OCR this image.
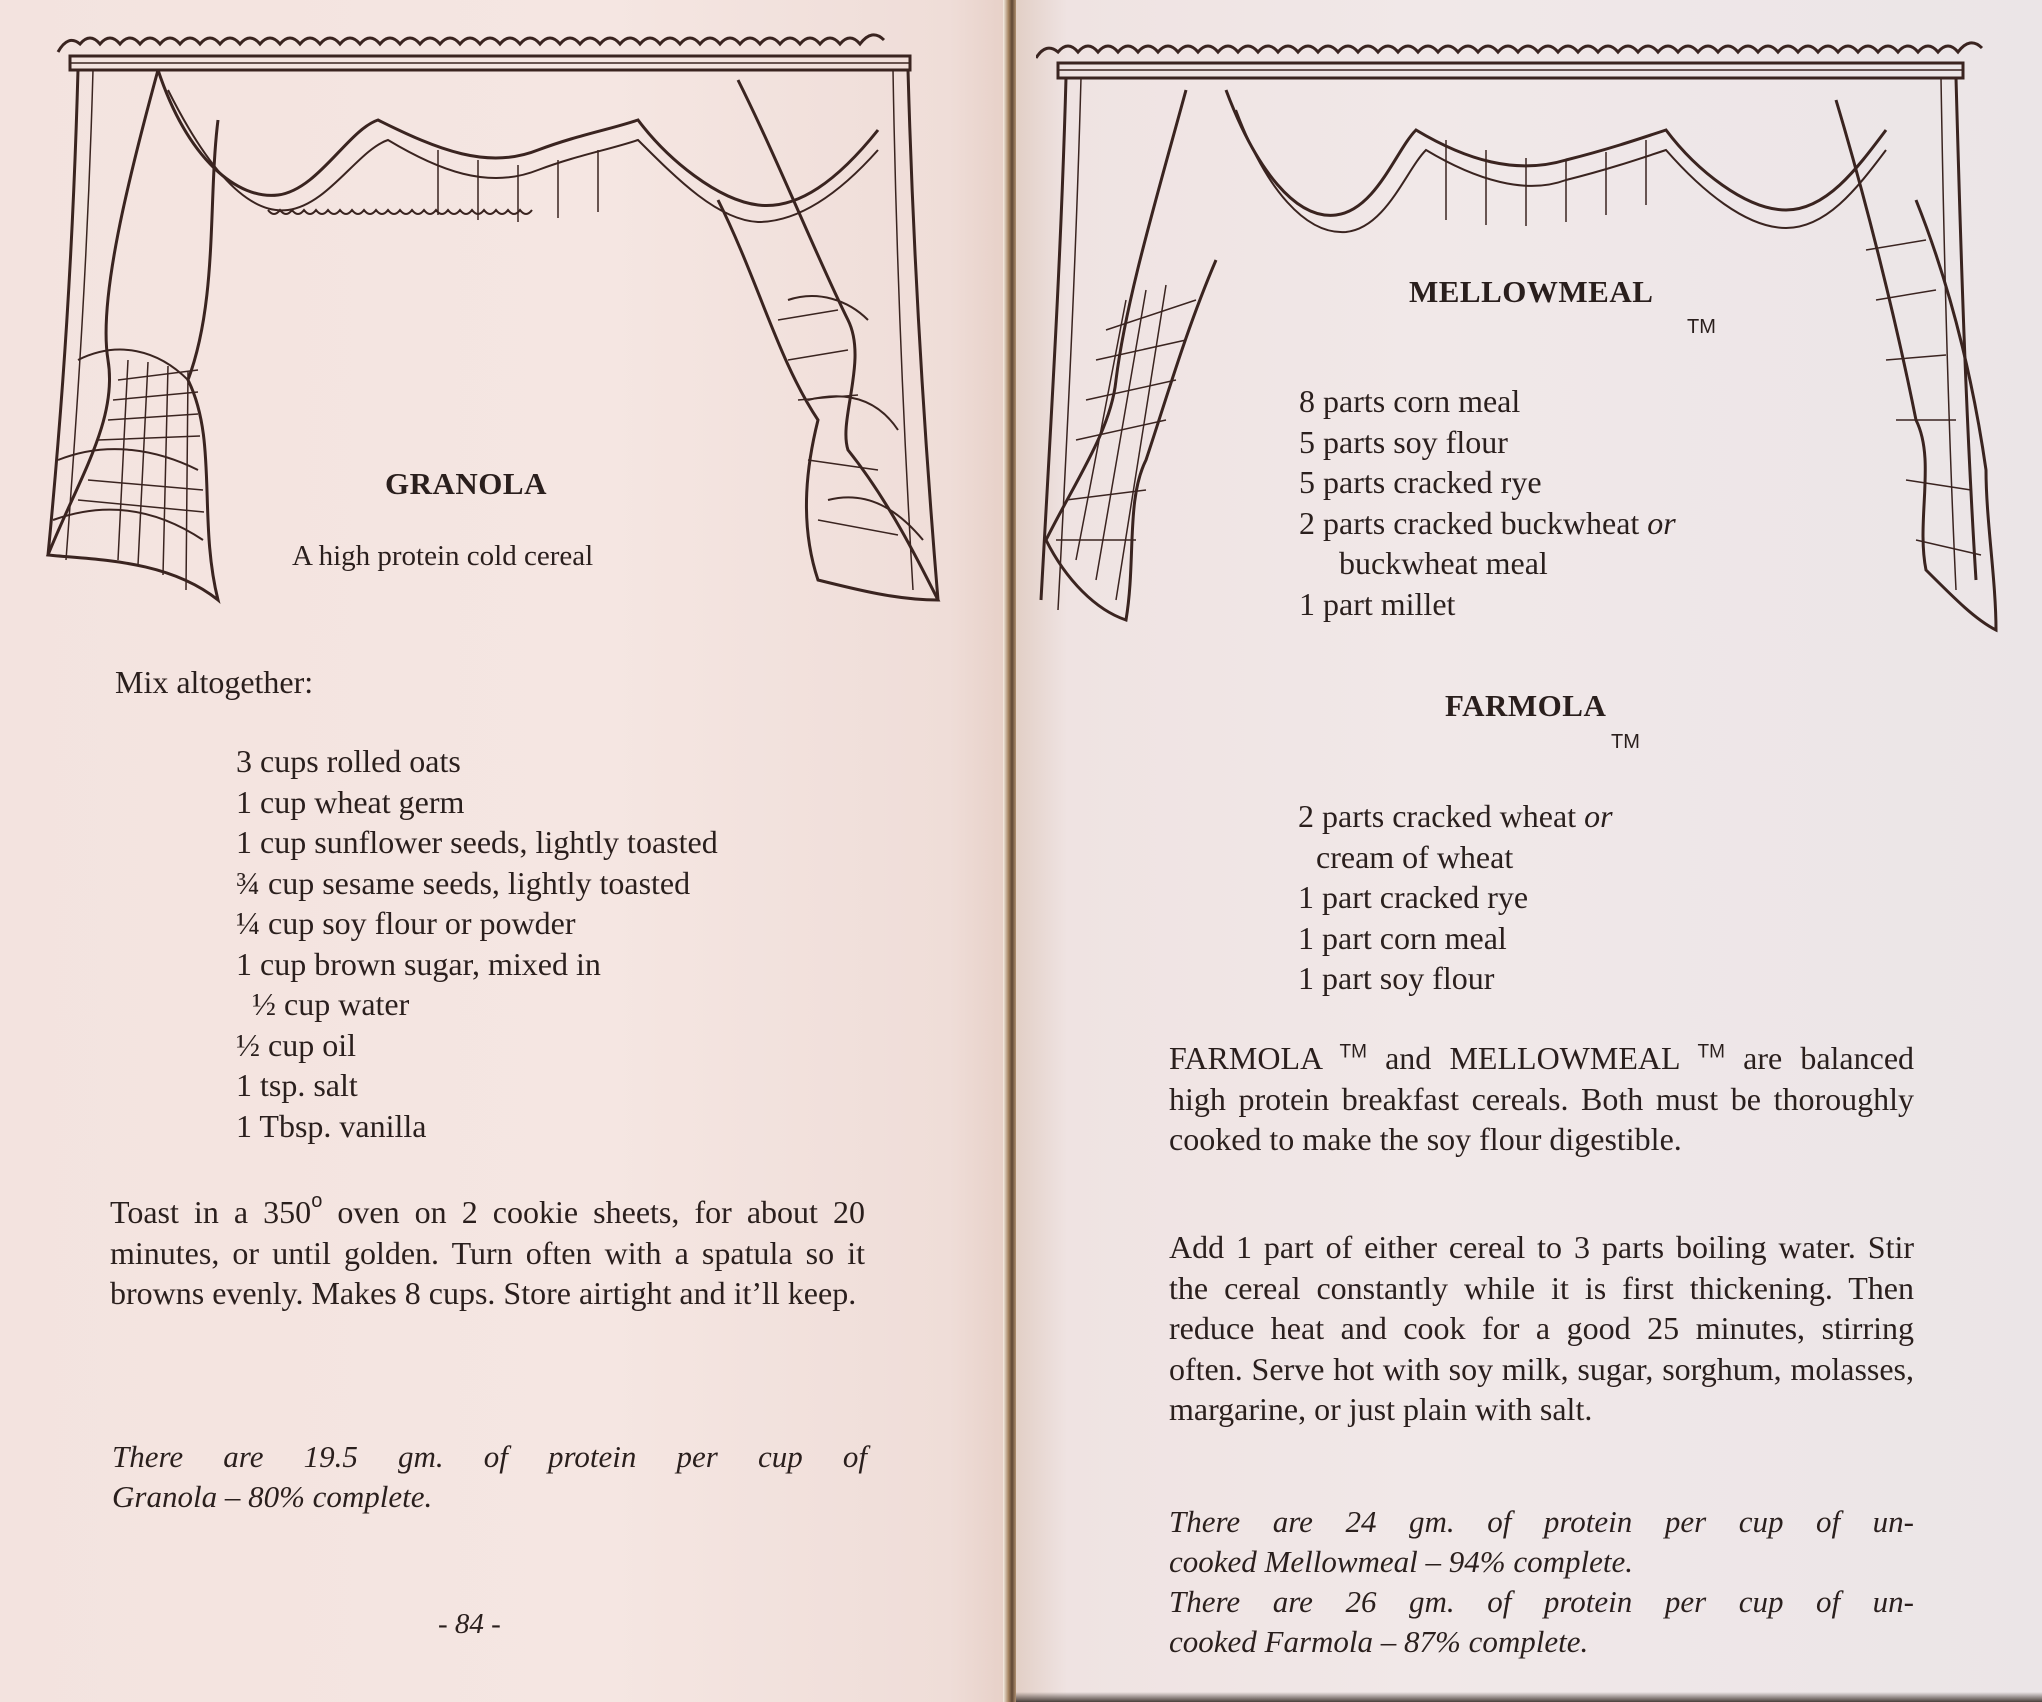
GRANOLA
A high protein cold cereal
Mix altogether:
3 cups rolled oats
1 cup wheat germ
1 cup sunflower seeds, lightly toasted
¾ cup sesame seeds, lightly toasted
¼ cup soy flour or powder
1 cup brown sugar, mixed in
½ cup water
½ cup oil
1 tsp. salt
1 Tbsp. vanilla

Toast in a 350$^o$ oven on 2 cookie sheets, for about 20 minutes, or until golden. Turn often with a spatula so it browns evenly. Makes 8 cups. Store airtight and it’ll keep.

There are 19.5 gm. of protein per cup of
Granola – 80% complete.

- 84 -
MELLOWMEAL
TM
8 parts corn meal
5 parts soy flour
5 parts cracked rye
2 parts cracked buckwheat or
buckwheat meal
1 part millet
FARMOLA
TM
2 parts cracked wheat or
cream of wheat
1 part cracked rye
1 part corn meal
1 part soy flour

FARMOLA ™ and MELLOWMEAL ™ are balanced high protein breakfast cereals. Both must be thoroughly cooked to make the soy flour digestible.

Add 1 part of either cereal to 3 parts boiling water. Stir the cereal constantly while it is first thickening. Then reduce heat and cook for a good 25 minutes, stirring often. Serve hot with soy milk, sugar, sorghum, molasses, margarine, or just plain with salt.

There are 24 gm. of protein per cup of un-
cooked Mellowmeal – 94% complete.
There are 26 gm. of protein per cup of un-
cooked Farmola – 87% complete.
